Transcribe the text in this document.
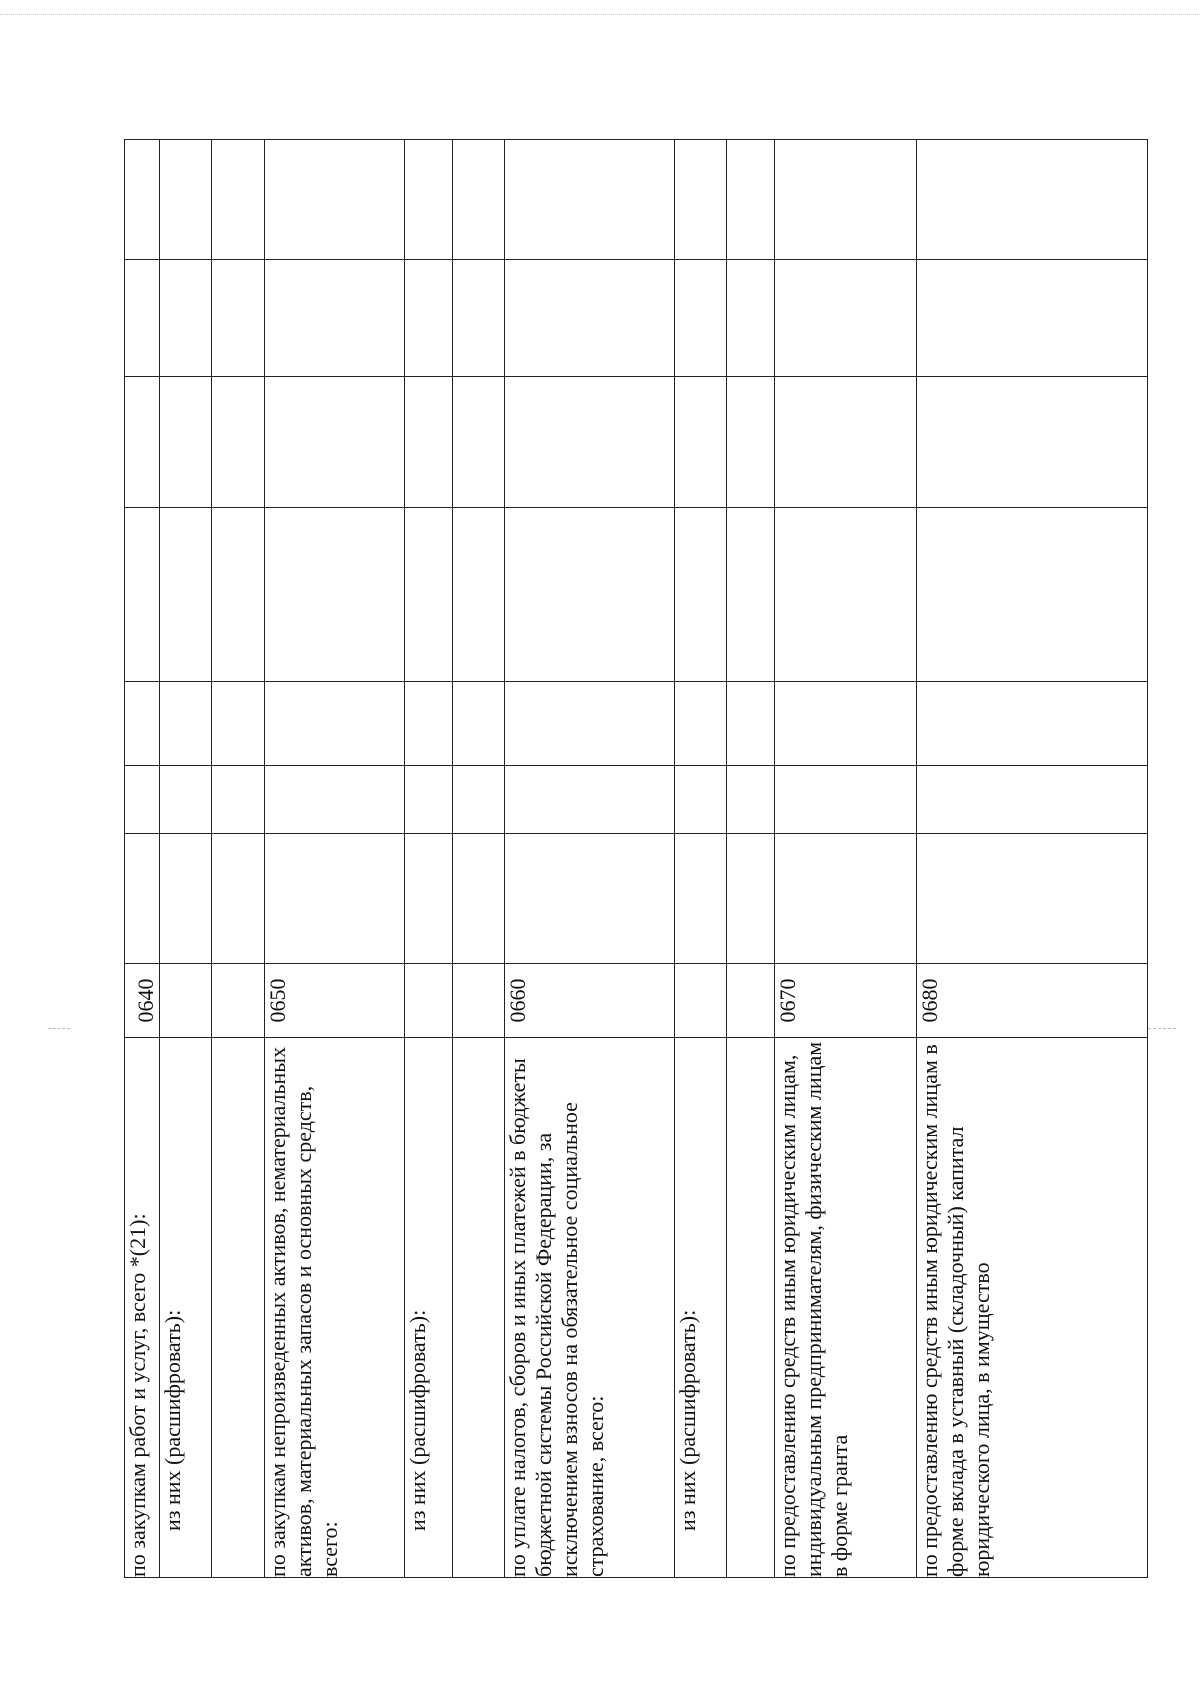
по закупкам работ и услуг, всего *(21):	0640							
из них (расшифровать):								

по закупкам непроизведенных активов, нематериальных активов, материальных запасов и основных средств, всего:	0650							
из них (расшифровать):								

по уплате налогов, сборов и иных платежей в бюджеты бюджетной системы Российской Федерации, за исключением взносов на обязательное социальное страхование, всего:	0660							
из них (расшифровать):								

по предоставлению средств иным юридическим лицам, индивидуальным предпринимателям, физическим лицам в форме гранта	0670							
по предоставлению средств иным юридическим лицам в форме вклада в уставный (складочный) капитал юридического лица, в имущество	0680							
